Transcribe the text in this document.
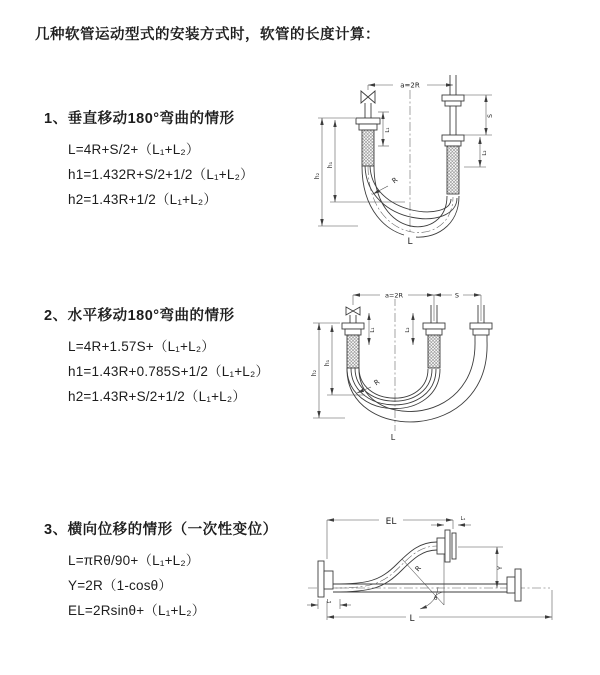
几种软管运动型式的安装方式时，软管的长度计算：
1、垂直移动180°弯曲的情形
L=4R+S/2+（L₁+L₂）
h1=1.432R+S/2+1/2（L₁+L₂）
h2=1.43R+1/2（L₁+L₂）
2、水平移动180°弯曲的情形
L=4R+1.57S+（L₁+L₂）
h1=1.43R+0.785S+1/2（L₁+L₂）
h2=1.43R+S/2+1/2（L₁+L₂）
3、横向位移的情形（一次性变位）
L=πRθ/90+（L₁+L₂）
Y=2R（1-cosθ）
EL=2Rsinθ+（L₁+L₂）
a=2R
h₂
h₁
L₁
S
L₂
R
L
a=2R	S
h₂
h₁
L₁	L₂
R
L
EL	L₁
Y
θ
R
L
L₂
